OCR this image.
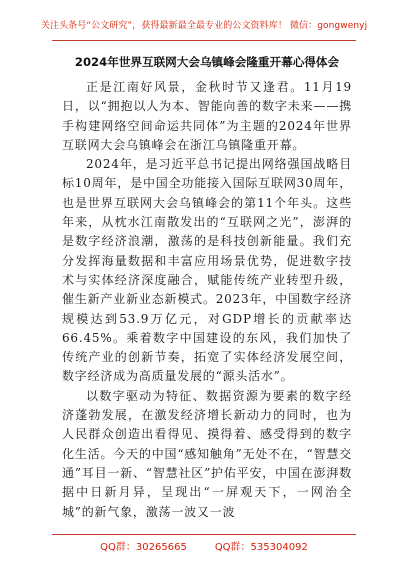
关注头条号“公文研究”，获得最新最全最专业的公文资料库！ 微信：gongwenyj
2024年世界互联网大会乌镇峰会隆重开幕心得体会

正是江南好风景，金秋时节又逢君。11月19日，以“拥抱以人为本、智能向善的数字未来——携手构建网络空间命运共同体”为主题的2024年世界互联网大会乌镇峰会在浙江乌镇隆重开幕。

2024年，是习近平总书记提出网络强国战略目标10周年，是中国全功能接入国际互联网30周年，也是世界互联网大会乌镇峰会的第11个年头。这些年来，从枕水江南散发出的“互联网之光”，澎湃的是数字经济浪潮，激荡的是科技创新能量。我们充分发挥海量数据和丰富应用场景优势，促进数字技术与实体经济深度融合，赋能传统产业转型升级，催生新产业新业态新模式。2023年，中国数字经济规模达到53.9万亿元，对GDP增长的贡献率达66.45%。乘着数字中国建设的东风，我们加快了传统产业的创新节奏，拓宽了实体经济发展空间，数字经济成为高质量发展的“源头活水”。

以数字驱动为特征、数据资源为要素的数字经济蓬勃发展，在激发经济增长新动力的同时，也为人民群众创造出看得见、摸得着、感受得到的数字化生活。今天的中国“感知触角”无处不在，“智慧交通”耳目一新、“智慧社区”护佑平安，中国在澎湃数据中日新月异，呈现出“一屏观天下，一网治全城”的新气象，激荡一波又一波

QQ群：30265665	QQ群：535304092
